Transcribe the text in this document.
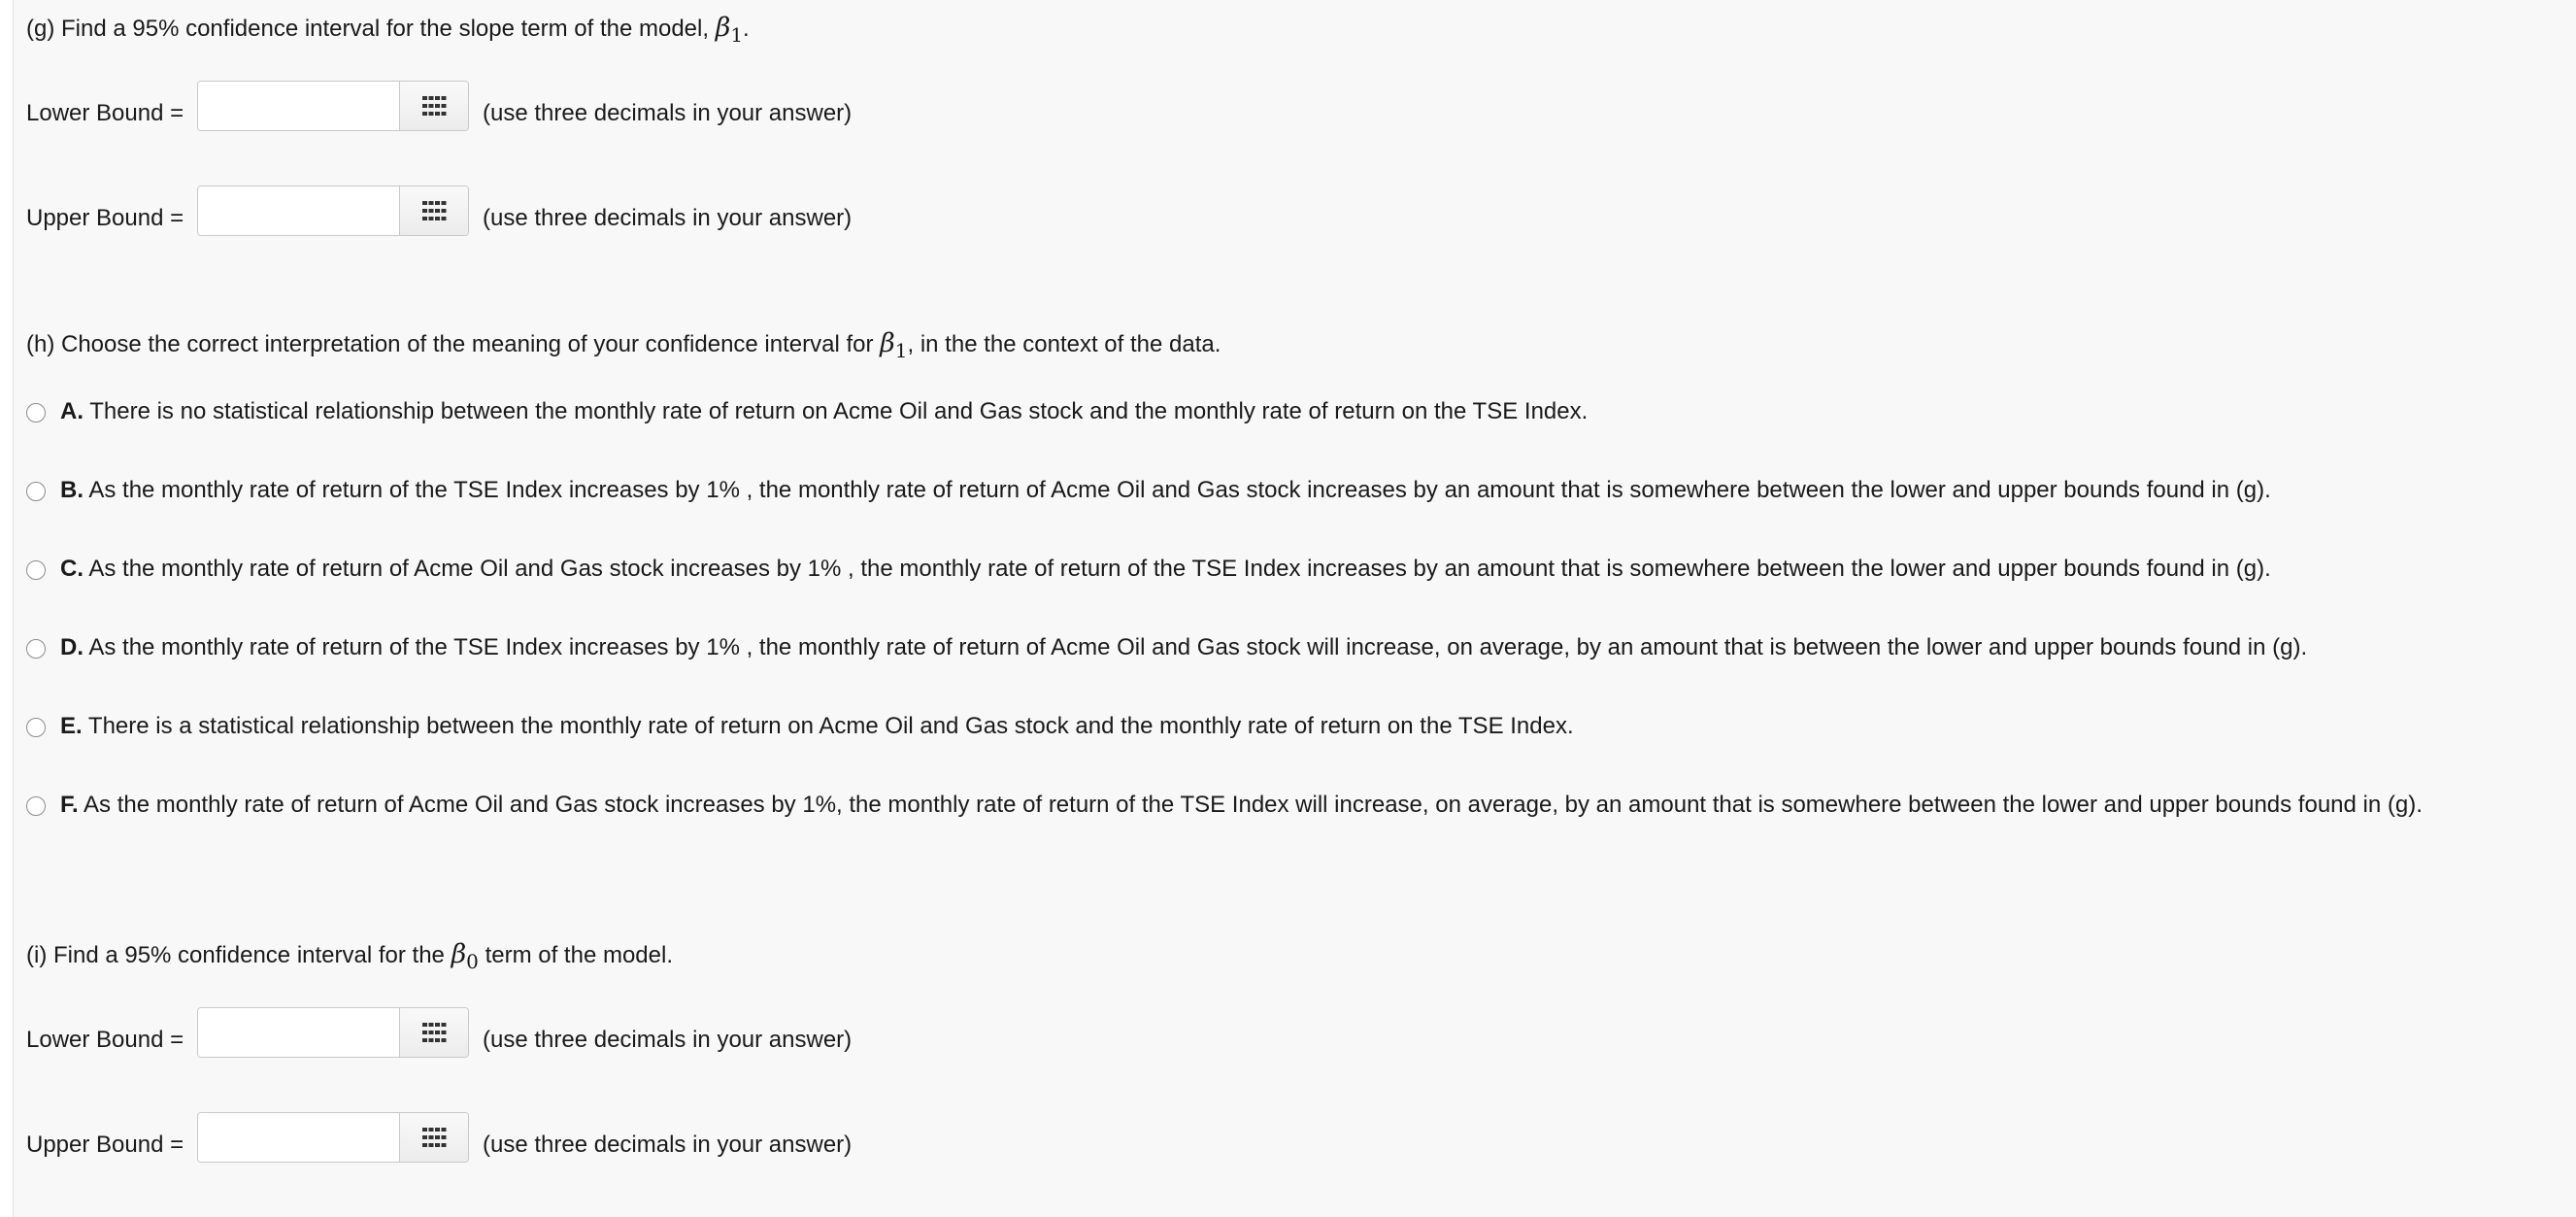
(g) Find a 95% confidence interval for the slope term of the model, $\beta_1$.
Lower Bound =	(use three decimals in your answer)
Upper Bound =	(use three decimals in your answer)
(h) Choose the correct interpretation of the meaning of your confidence interval for $\beta_1$, in the the context of the data.
A. There is no statistical relationship between the monthly rate of return on Acme Oil and Gas stock and the monthly rate of return on the TSE Index.
B. As the monthly rate of return of the TSE Index increases by 1% , the monthly rate of return of Acme Oil and Gas stock increases by an amount that is somewhere between the lower and upper bounds found in (g).
C. As the monthly rate of return of Acme Oil and Gas stock increases by 1% , the monthly rate of return of the TSE Index increases by an amount that is somewhere between the lower and upper bounds found in (g).
D. As the monthly rate of return of the TSE Index increases by 1% , the monthly rate of return of Acme Oil and Gas stock will increase, on average, by an amount that is between the lower and upper bounds found in (g).
E. There is a statistical relationship between the monthly rate of return on Acme Oil and Gas stock and the monthly rate of return on the TSE Index.
F. As the monthly rate of return of Acme Oil and Gas stock increases by 1%, the monthly rate of return of the TSE Index will increase, on average, by an amount that is somewhere between the lower and upper bounds found in (g).
(i) Find a 95% confidence interval for the $\beta_0$ term of the model.
Lower Bound =	(use three decimals in your answer)
Upper Bound =	(use three decimals in your answer)
